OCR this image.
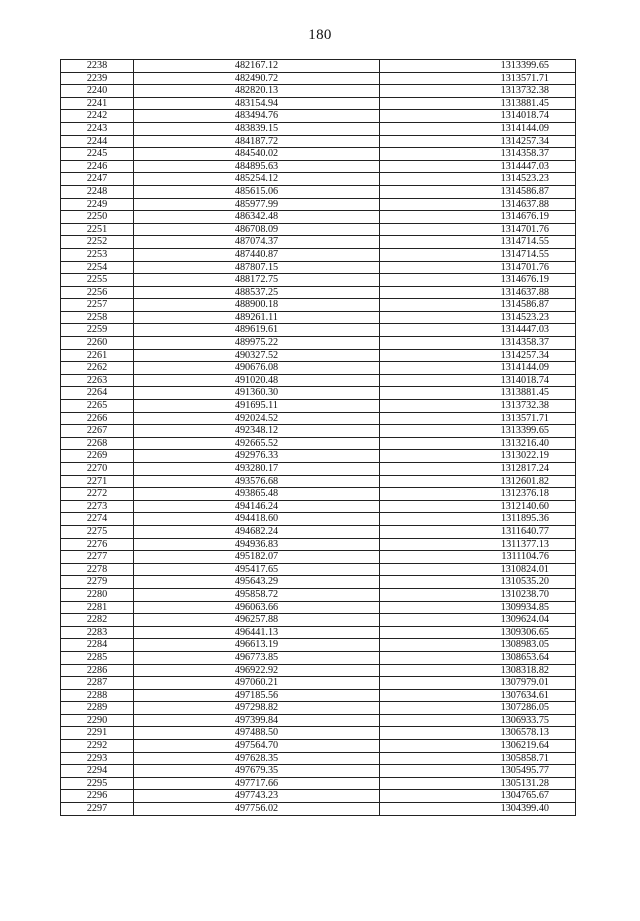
180
2238	482167.12	1313399.65
2239	482490.72	1313571.71
2240	482820.13	1313732.38
2241	483154.94	1313881.45
2242	483494.76	1314018.74
2243	483839.15	1314144.09
2244	484187.72	1314257.34
2245	484540.02	1314358.37
2246	484895.63	1314447.03
2247	485254.12	1314523.23
2248	485615.06	1314586.87
2249	485977.99	1314637.88
2250	486342.48	1314676.19
2251	486708.09	1314701.76
2252	487074.37	1314714.55
2253	487440.87	1314714.55
2254	487807.15	1314701.76
2255	488172.75	1314676.19
2256	488537.25	1314637.88
2257	488900.18	1314586.87
2258	489261.11	1314523.23
2259	489619.61	1314447.03
2260	489975.22	1314358.37
2261	490327.52	1314257.34
2262	490676.08	1314144.09
2263	491020.48	1314018.74
2264	491360.30	1313881.45
2265	491695.11	1313732.38
2266	492024.52	1313571.71
2267	492348.12	1313399.65
2268	492665.52	1313216.40
2269	492976.33	1313022.19
2270	493280.17	1312817.24
2271	493576.68	1312601.82
2272	493865.48	1312376.18
2273	494146.24	1312140.60
2274	494418.60	1311895.36
2275	494682.24	1311640.77
2276	494936.83	1311377.13
2277	495182.07	1311104.76
2278	495417.65	1310824.01
2279	495643.29	1310535.20
2280	495858.72	1310238.70
2281	496063.66	1309934.85
2282	496257.88	1309624.04
2283	496441.13	1309306.65
2284	496613.19	1308983.05
2285	496773.85	1308653.64
2286	496922.92	1308318.82
2287	497060.21	1307979.01
2288	497185.56	1307634.61
2289	497298.82	1307286.05
2290	497399.84	1306933.75
2291	497488.50	1306578.13
2292	497564.70	1306219.64
2293	497628.35	1305858.71
2294	497679.35	1305495.77
2295	497717.66	1305131.28
2296	497743.23	1304765.67
2297	497756.02	1304399.40
